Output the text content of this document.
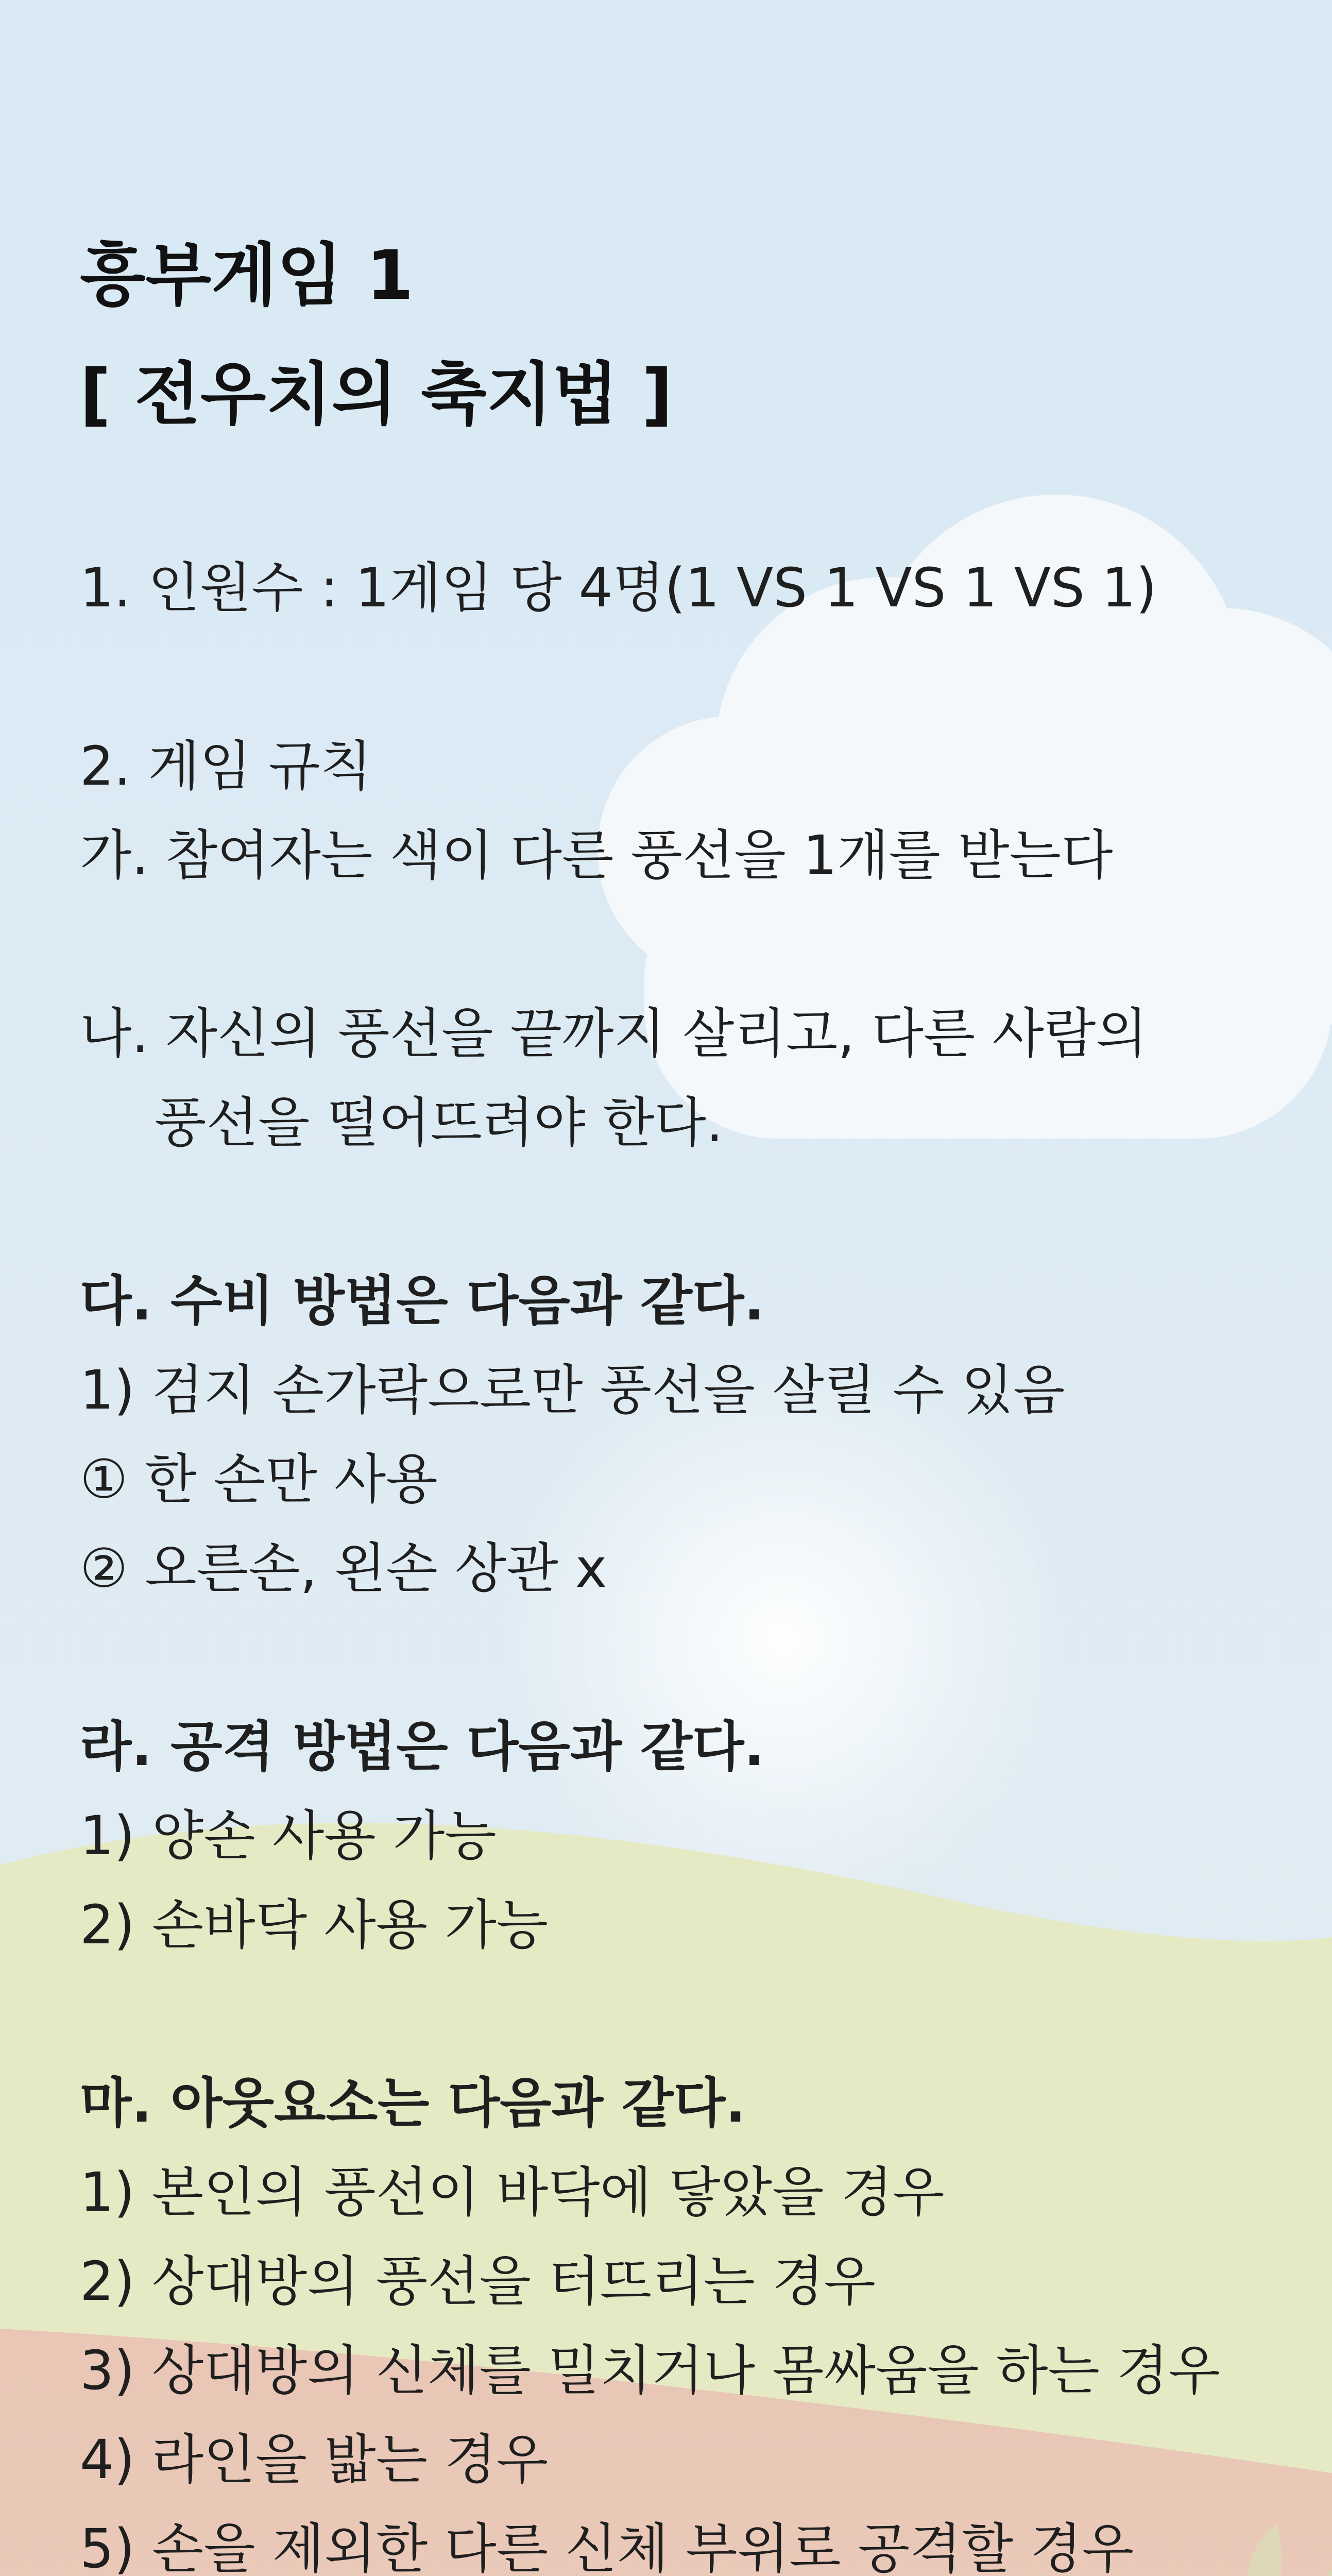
흥부게임 1
[ 전우치의 축지법 ]

1. 인원수 : 1게임 당 4명(1 VS 1 VS 1 VS 1)

2. 게임 규칙

가. 참여자는 색이 다른 풍선을 1개를 받는다

나. 자신의 풍선을 끝까지 살리고, 다른 사람의

풍선을 떨어뜨려야 한다.

다. 수비 방법은 다음과 같다.

1) 검지 손가락으로만 풍선을 살릴 수 있음

① 한 손만 사용

② 오른손, 왼손 상관 x

라. 공격 방법은 다음과 같다.

1) 양손 사용 가능

2) 손바닥 사용 가능

마. 아웃요소는 다음과 같다.

1) 본인의 풍선이 바닥에 닿았을 경우

2) 상대방의 풍선을 터뜨리는 경우

3) 상대방의 신체를 밀치거나 몸싸움을 하는 경우

4) 라인을 밟는 경우

5) 손을 제외한 다른 신체 부위로 공격할 경우
